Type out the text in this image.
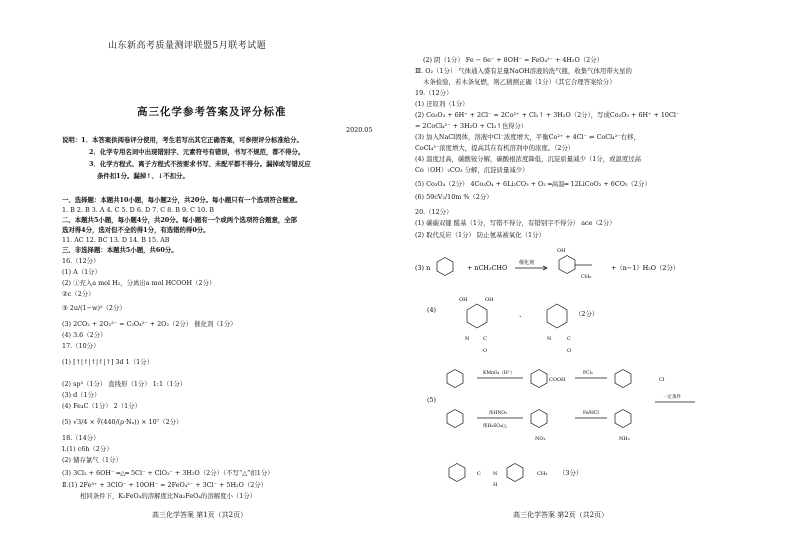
山东新高考质量测评联盟5月联考试题
高三化学参考答案及评分标准
2020.05
说明：1．本答案供阅卷评分使用，考生若写出其它正确答案，可参照评分标准给分。
2．化学专用名词中出现错别字、元素符号有错误，书写不规范，都不得分。
3．化学方程式、离子方程式不按要求书写、未配平都不得分。漏掉或写错反应
条件扣1分。漏掉↑、↓不扣分。
一、选择题：本题共10小题，每小题2分，共20分。每小题只有一个选项符合题意。
1. B 2. B 3. A 4. C 5. D 6. D 7. C 8. B 9. C 10. B
二、本题共5小题，每小题4分，共20分。每小题有一个或两个选项符合题意，全部
选对得4分，选对但不全的得1分，有选错的得0分。
11. AC 12. BC 13. D 14. B 15. AB
三、非选择题：本题共5小题，共60分。
16.（12分）
(1) A（1分）
(2) ①充入a mol H₂，分离出a mol HCOOH（2分）
②c（2分）
③ 2u/(1−w)²（2分）
(3) 2CO₂ + 2O₂²⁻ = C₂O₄²⁻ + 2O₂（2分） 催化剂（1分）
(4) 3.6（2分）
17.（10分）
(1) [↑|↑|↑|↑|↑] 3d 1（1分）
(2) sp³（1分） 直线形（1分） 1:1（1分）
(3) d（1分）
(4) Fe₄C（1分） 2（1分）
(5) √3/4 × ∛(440/(ρ·Nₐ)) × 10⁷（2分）
18.（14分）
Ⅰ.(1) c6h（2分）
(2) 储存氯气（1分）
(3) 3Cl₂ + 6OH⁻ ═△═ 5Cl⁻ + ClO₃⁻ + 3H₂O（2分）（不写“△”扣1分）
Ⅱ.(1) 2Fe³⁺ + 3ClO⁻ + 10OH⁻ = 2FeO₄²⁻ + 3Cl⁻ + 5H₂O（2分）
相同条件下，K₂FeO₄的溶解度比Na₂FeO₄的溶解度小（1分）
高三化学答案 第1页（共2页）
(2) 阴（1分） Fe − 6e⁻ + 8OH⁻ = FeO₄²⁻ + 4H₂O（2分）
Ⅲ. O₂（1分） 气体通入盛有足量NaOH溶液的洗气瓶，收集气体用带火星的
木条检验，若木条复燃，则乙猜测正确（1分）（其它合理答案给分）
19.（12分）
(1) 还原剂（1分）
(2) Co₂O₃ + 6H⁺ + 2Cl⁻ = 2Co²⁺ + Cl₂↑ + 3H₂O（2分），写成Co₂O₃ + 6H⁺ + 10Cl⁻
= 2CoCl₄²⁻ + 3H₂O + Cl₂↑也得分）
(3) 加入NaCl固体，溶液中Cl⁻浓度增大，平衡Co²⁺ + 4Cl⁻ ⇌ CoCl₄²⁻右移，
CoCl₄²⁻浓度增大，提高其在有机溶剂中的浓度。（2分）
(4) 温度过高，碳酸铵分解，碳酸根浓度降低，沉淀质量减少（1分，或温度过高
Co（OH）₂CO₃ 分解，沉淀质量减少）
(5) Co₃O₄（2分） 4Co₃O₄ + 6Li₂CO₃ + O₂ ═高温═ 12LiCoO₂ + 6CO₂（2分）
(6) 59cV₂/10m %（2分）
20.（12分）
(1) 碳碳双键 醛基（1分，写错不得分，有错别字不得分） ace（2分）
(2) 取代反应（1分） 防止氨基被氧化（1分）
(3) n	+ nCH₃CHO
催化剂
OH
CH₃
+（n−1）H₂O（2分）
(4)
OH	OH
N	C
O
、
N	C
O
（2分）
(5)
KMnO₄（H⁺）
COOH
PCl₃
Cl
浓HNO₃
浓H₂SO₄/△
NO₂
Fe/HCl
NH₂
一定条件
C N
H
CH₃ （3分）
高三化学答案 第2页（共2页）
